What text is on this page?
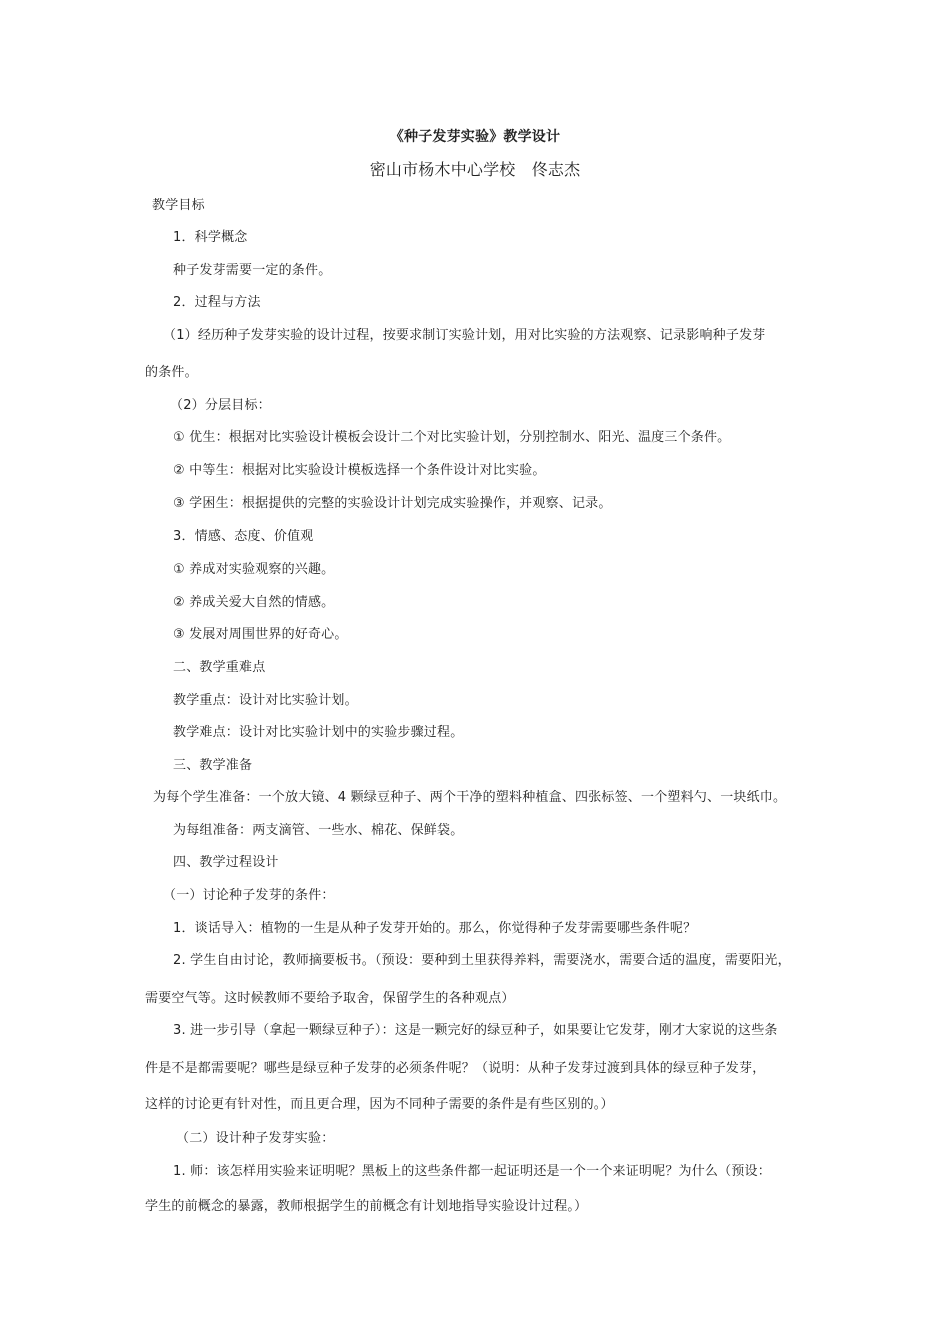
《种子发芽实验》教学设计
密山市杨木中心学校　佟志杰
教学目标
1．科学概念
种子发芽需要一定的条件。
2．过程与方法
（1）经历种子发芽实验的设计过程，按要求制订实验计划，用对比实验的方法观察、记录影响种子发芽
的条件。
（2）分层目标：
① 优生：根据对比实验设计模板会设计二个对比实验计划，分别控制水、阳光、温度三个条件。
② 中等生：根据对比实验设计模板选择一个条件设计对比实验。
③ 学困生：根据提供的完整的实验设计计划完成实验操作，并观察、记录。
3．情感、态度、价值观
① 养成对实验观察的兴趣。
② 养成关爱大自然的情感。
③ 发展对周围世界的好奇心。
二、教学重难点
教学重点：设计对比实验计划。
教学难点：设计对比实验计划中的实验步骤过程。
三、教学准备
为每个学生准备：一个放大镜、4 颗绿豆种子、两个干净的塑料种植盒、四张标签、一个塑料勺、一块纸巾。
为每组准备：两支滴管、一些水、棉花、保鲜袋。
四、教学过程设计
（一）讨论种子发芽的条件：
1．谈话导入：植物的一生是从种子发芽开始的。那么，你觉得种子发芽需要哪些条件呢？
2. 学生自由讨论，教师摘要板书。（预设：要种到土里获得养料，需要浇水，需要合适的温度，需要阳光，
需要空气等。这时候教师不要给予取舍，保留学生的各种观点）
3. 进一步引导（拿起一颗绿豆种子）：这是一颗完好的绿豆种子，如果要让它发芽，刚才大家说的这些条
件是不是都需要呢？哪些是绿豆种子发芽的必须条件呢？（说明：从种子发芽过渡到具体的绿豆种子发芽，
这样的讨论更有针对性，而且更合理，因为不同种子需要的条件是有些区别的。）
（二）设计种子发芽实验：
1. 师：该怎样用实验来证明呢？黑板上的这些条件都一起证明还是一个一个来证明呢？为什么（预设：
学生的前概念的暴露，教师根据学生的前概念有计划地指导实验设计过程。）
